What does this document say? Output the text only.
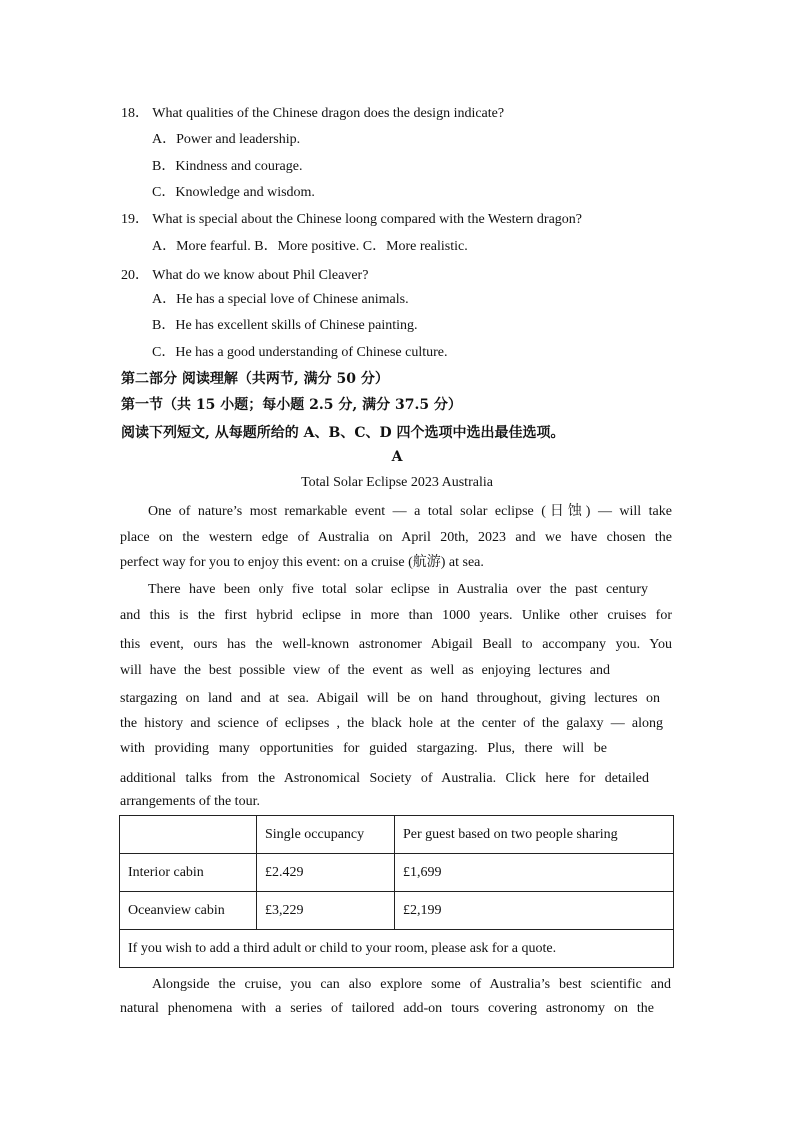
18． What qualities of the Chinese dragon does the design indicate?
A．Power and leadership.
B．Kindness and courage.
C．Knowledge and wisdom.
19． What is special about the Chinese loong compared with the Western dragon?
A．More fearful. B．More positive. C．More realistic.
20． What do we know about Phil Cleaver?
A．He has a special love of Chinese animals.
B．He has excellent skills of Chinese painting.
C．He has a good understanding of Chinese culture.
第二部分 阅读理解（共两节, 满分 50 分）
第一节（共 15 小题；每小题 2.5 分, 满分 37.5 分）
阅读下列短文, 从每题所给的 A、B、C、D 四个选项中选出最佳选项。
A
Total Solar Eclipse 2023 Australia
One of nature’s most remarkable event — a total solar eclipse (日蚀) — will take
place on the western edge of Australia on April 20th, 2023 and we have chosen the
perfect way for you to enjoy this event: on a cruise (航游) at sea.
There have been only five total solar eclipse in Australia over the past century
and this is the first hybrid eclipse in more than 1000 years. Unlike other cruises for
this event, ours has the well-known astronomer Abigail Beall to accompany you. You
will have the best possible view of the event as well as enjoying lectures and
stargazing on land and at sea. Abigail will be on hand throughout, giving lectures on
the history and science of eclipses , the black hole at the center of the galaxy — along
with providing many opportunities for guided stargazing. Plus, there will be
additional talks from the Astronomical Society of Australia. Click here for detailed
arrangements of the tour.
	Single occupancy	Per guest based on two people sharing
Interior cabin	£2.429	£1,699
Oceanview cabin	£3,229	£2,199
If you wish to add a third adult or child to your room, please ask for a quote.		
Alongside the cruise, you can also explore some of Australia’s best scientific and
natural phenomena with a series of tailored add-on tours covering astronomy on the
